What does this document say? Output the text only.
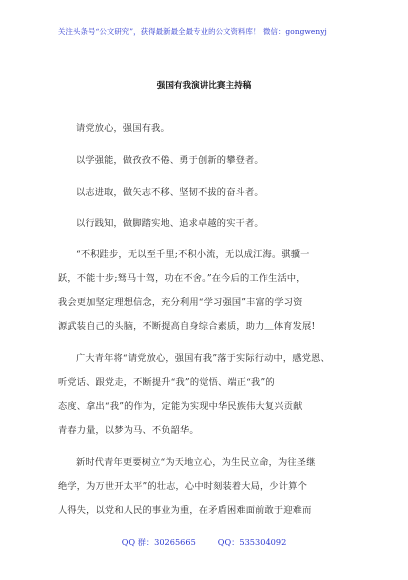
关注头条号“公文研究”，获得最新最全最专业的公文资料库！ 微信：gongwenyj
强国有我演讲比赛主持稿
请党放心，强国有我。
以学强能，做孜孜不倦、勇于创新的攀登者。
以志进取，做矢志不移、坚韧不拔的奋斗者。
以行践知，做脚踏实地、追求卓越的实干者。
“不积跬步，无以至千里;不积小流，无以成江海。骐骥一
跃，不能十步;驽马十驾，功在不舍。”在今后的工作生活中，
我会更加坚定理想信念，充分利用“学习强国”丰富的学习资
源武装自己的头脑，不断提高自身综合素质，助力＿体育发展!
广大青年将“请党放心，强国有我”落于实际行动中，感党恩、
听党话、跟党走，不断提升“我”的觉悟、端正“我”的
态度、拿出“我”的作为，定能为实现中华民族伟大复兴贡献
青春力量，以梦为马、不负韶华。
新时代青年更要树立“为天地立心，为生民立命，为往圣继
绝学，为万世开太平”的壮志，心中时刻装着大局，少计算个
人得失，以党和人民的事业为重，在矛盾困难面前敢于迎难而
QQ 群：30265665	QQ：535304092
